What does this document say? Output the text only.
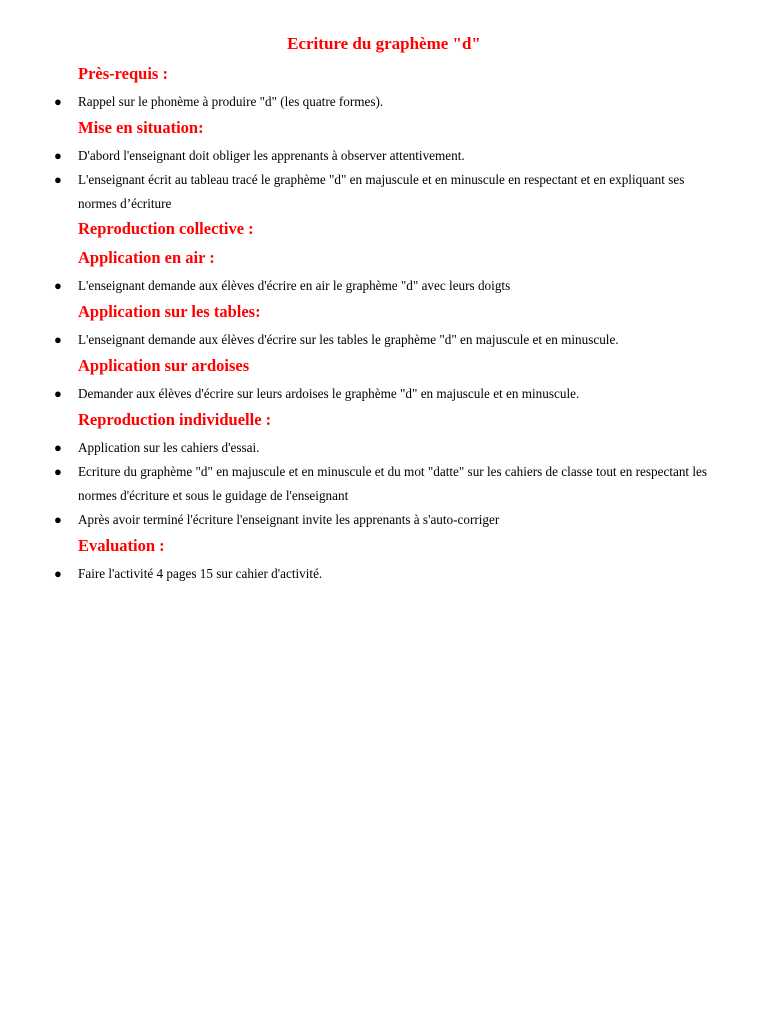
Ecriture du graphème "d"
Près-requis :

● Rappel sur le phonème à produire "d" (les quatre formes).

Mise en situation:

● D'abord l'enseignant doit obliger les apprenants à observer attentivement.

● L'enseignant écrit au tableau tracé le graphème "d" en majuscule et en minuscule en respectant et en expliquant ses normes d’écriture

Reproduction collective :
Application en air :

● L'enseignant demande aux élèves d'écrire en air le graphème "d" avec leurs doigts

Application sur les tables:

● L'enseignant demande aux élèves d'écrire sur les tables le graphème "d" en majuscule et en minuscule.

Application sur ardoises

● Demander aux élèves d'écrire sur leurs ardoises le graphème "d" en majuscule et en minuscule.

Reproduction individuelle :

● Application sur les cahiers d'essai.

● Ecriture du graphème "d" en majuscule et en minuscule et du mot "datte" sur les cahiers de classe tout en respectant les normes d'écriture et sous le guidage de l'enseignant

● Après avoir terminé l'écriture l'enseignant invite les apprenants à s'auto-corriger

Evaluation :

● Faire l'activité 4 pages 15 sur cahier d'activité.
